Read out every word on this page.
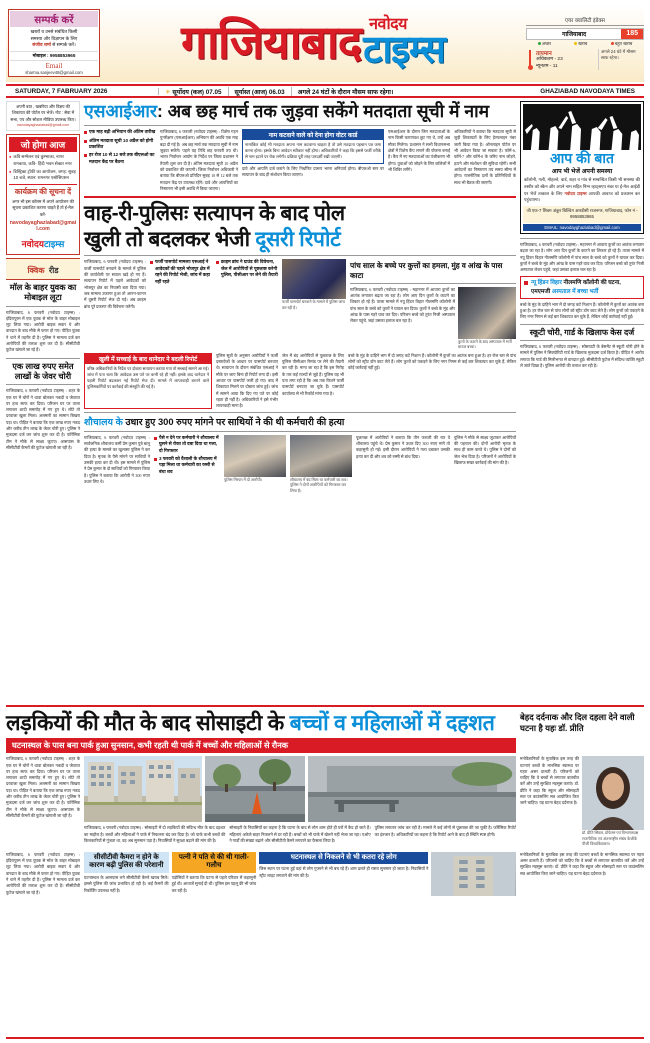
सम्पर्क करें
खबरों व उनसे संबंधित किसी
समस्या और विज्ञापन के लिए
संजीव शर्मा से सम्पर्क करें।
मोबाइल : 9958853965
Email
sharma.sanjeev48@gmail.com
गाजियाबाद नवोदय
टाइम्स
एयर क्वालिटी इंडेक्स
गाजियाबाद	185
अच्छा	खराब	बहुत खराब
तापमान
अधिकतम - 23
न्यूनतम - 11
अगले 24 घंटे में मौसम साफ रहेगा।
SATURDAY, 7 FABRUARY 2026	☀ सूर्योदय (कल) 07.05	सूर्यास्त (आज) 06.03	अगले 24 घंटों के दौरान मौसम साफ रहेगा।	GHAZIABAD NAVODAYA TIMES
अपनी बात , खबरिया और विज्ञप की शिकायत की पोर्टल पर भेजें। नोट : सेवा में सभा, एप और सोशल मीडिया उपलब्ध किए।
navodayaghaziabad@gmail.com
जो होगा आज
● कवि सम्मेलन एवं कुम्भाका, नागर रामकथा, कवि- हिंदी भवन सेक्टर नगर
● डिस्ट्रिक्ट ट्रॉफी का आयोजन, जगह: सुबह 10 बजे, स्थान: रामनगर एसोसिएशन
कार्यक्रम की सूचना दें
अगर भी इस कॉलम में अपने आयोजन की सूचना प्रकाशित कराना चाहते हैं तो ई-मेल करें-
navodayaghaziabad@gmail.com
नवोदयटाइम्स
क्विक रीड
मॉल के बाहर युवक का मोबाइल लूटा
गाजियाबाद, 6 फरवरी (नवोदय टाइम्स) : इंदिरापुरम में एक युवक से मॉल के बाहर मोबाइल लूट लिया गया। आरोपी बाइक सवार थे और वारदात के बाद मौके से फरार हो गए। पीड़ित युवक ने थाने में तहरीर दी है। पुलिस ने मामला दर्ज कर आरोपियों की तलाश शुरू कर दी है। सीसीटीवी फुटेज खंगाले जा रहे हैं।
एक लाख रुपए समेत लाखों के जेवर चोरी
गाजियाबाद, 6 फरवरी (नवोदय टाइम्स) : शहर के एक घर में चोरों ने धावा बोलकर नकदी व जेवरात पर हाथ साफ कर दिया। परिजन घर पर ताला लगाकर शादी समारोह में गए हुए थे। लौटे तो दरवाजा खुला मिला। अलमारी का सामान बिखरा पड़ा था। पीड़ित ने बताया कि एक लाख रुपए नकद और करीब तीन लाख के जेवर चोरी हुए। पुलिस ने मुकदमा दर्ज कर जांच शुरू कर दी है। फोरेंसिक टीम ने मौके से साक्ष्य जुटाए। आसपास के सीसीटीवी कैमरों की फुटेज खंगाली जा रही है।
एसआईआर: अब छह मार्च तक जुड़वा सकेंगे मतदाता सूची में नाम
एक माह बढ़ी अभियान की अंतिम तारीख
अंतिम मतदाता सूची 10 अप्रैल को होगी प्रकाशित
हर रोज 10 से 12 बजे तक बीएलओ का मतदान केंद्र पर बैठना
गाजियाबाद, 6 फरवरी (नवोदय टाइम्स) : विशेष गहन पुनरीक्षण (एसआईआर) अभियान की अवधि एक माह बढ़ा दी गई है। अब छह मार्च तक मतदाता सूची में नाम जुड़वा सकेंगे। पहले यह तिथि छह फरवरी तय थी। भारत निर्वाचन आयोग के निर्देश पर जिला प्रशासन ने तैयारी शुरू कर दी है। अंतिम मतदाता सूची 10 अप्रैल को प्रकाशित की जाएगी। जिला निर्वाचन अधिकारी ने बताया कि बीएलओ प्रतिदिन सुबह 10 से 12 बजे तक मतदान केंद्र पर उपलब्ध रहेंगे। दावे और आपत्तियों का निस्तारण भी इसी अवधि में किया जाएगा।
नाम कटवाने वाले को देना होगा वोटर कार्ड
नामांकित कोई भी मतदाता अपना नाम कटवाना चाहता है तो उसे मतदाता पहचान पत्र जमा करना होगा। इसके बिना आवेदन स्वीकार नहीं होगा। अधिकारियों ने कहा कि इससे फर्जी तरीके से नाम हटाने पर रोक लगेगी। प्रक्रिया पूरी तरह पारदर्शी रखी जाएगी।
दावे और आपत्ति दर्ज कराने के लिए निर्धारित प्रारूप भरना अनिवार्य होगा। बीएलओ स्तर पर सत्यापन के बाद ही संशोधन किया जाएगा।
एसआईआर के दौरान जिन मतदाताओं के नाम किसी कारणवश छूट गए थे, उन्हें अब मौका मिलेगा। प्रशासन ने सभी विधानसभा क्षेत्रों में विशेष कैंप लगाने की योजना बनाई है। कैंप में नए मतदाताओं का पंजीकरण भी होगा। युवाओं को जोड़ने के लिए कॉलेजों में भी शिविर लगेंगे।
अधिकारियों ने बताया कि मतदाता सूची से जुड़ी शिकायतों के लिए हेल्पलाइन नंबर जारी किया गया है। ऑनलाइन पोर्टल पर भी आवेदन किया जा सकता है। फॉर्म-6, फॉर्म-7 और फॉर्म-8 के जरिए नाम जोड़ने, हटाने और संशोधन की सुविधा रहेगी। सभी आवेदनों का निस्तारण तय समय सीमा में होगा। राजनीतिक दलों के प्रतिनिधियों के साथ भी बैठक की जाएगी।
वाह-री-पुलिसः सत्यापन के बाद पोल
खुली तो बदलकर भेजी दूसरी रिपोर्ट
गाजियाबाद, 6 फरवरी (नवोदय टाइम्स) : फर्जी पासपोर्ट बनवाने के मामले में पुलिस की कार्यशैली पर सवाल खड़े हो गए हैं। सत्यापन रिपोर्ट में पहले आवेदकों को भोजपुर क्षेत्र का निवासी बता दिया गया। जब मामला उजागर हुआ तो आनन-फानन में दूसरी रिपोर्ट भेज दी गई। अब क्राइम ब्रांच पूरे प्रकरण की विवेचना करेगी।
फर्जी पासपोर्ट मामलाः एसआई ने आवेदकों की पहले भोजपुर क्षेत्र में रहने की रिपोर्ट भेजी, जांच में कहा नहीं रहते
क्राइम ब्रांच ने ग्राउंड की विवेचना, जेल में आरोपियों से पूछताछ करेगी पुलिस, पीसीआर पर लेने की तैयारी
फर्जी पासपोर्ट बनवाने के मामले में पुलिस जांच कर रही है।
पांच साल के बच्चे पर कुत्तों का हमला, मुंह व आंख के पास काटा
गाजियाबाद, 6 फरवरी (नवोदय टाइम्स) : महानगर में आवारा कुत्तों का आतंक लगातार बढ़ता जा रहा है। लोग आए दिन कुत्तों के काटने का शिकार हो रहे हैं। ताजा मामले में नयू हिंडन विहार नीलमणि कॉलोनी में पांच साल के बच्चे को कुत्तों ने घायल कर दिया। कुत्तों ने बच्चे के मुंह और आंख के पास गहरे घाव कर दिए। परिजन बच्चे को तुरंत निजी अस्पताल लेकर पहुंचे, जहां उसका इलाज चल रहा है।
कुत्तों के काटने के बाद अस्पताल में भर्ती घायल बच्चा।
खुली में सच्चाई के बाद थानेदार ने बदली रिपोर्ट
वरिष्ठ अधिकारियों के निर्देश पर दोबारा सत्यापन कराया गया तो सच्चाई सामने आ गई। जांच में पता चला कि आवेदक उस पते पर कभी रहे ही नहीं। इसके बाद थानेदार ने पहली रिपोर्ट बदलकर नई रिपोर्ट भेज दी। मामले में लापरवाही बरतने वाले पुलिसकर्मियों पर कार्रवाई की संस्तुति की गई है।
पुलिस सूत्रों के अनुसार आरोपियों ने फर्जी दस्तावेजों के आधार पर पासपोर्ट बनवाए थे। सत्यापन के दौरान संबंधित एसआई ने मौके पर जाए बिना ही रिपोर्ट लगा दी। इसी आधार पर पासपोर्ट जारी हो गए। बाद में शिकायत मिलने पर दोबारा जांच हुई। जांच में सामने आया कि दिए गए पते पर कोई रहता ही नहीं है। अधिकारियों ने इसे गंभीर लापरवाही माना है।
जेल में बंद आरोपियों से पूछताछ के लिए पुलिस पीसीआर रिमांड पर लेने की तैयारी कर रही है। माना जा रहा है कि इस गिरोह के तार कई राज्यों से जुड़े हैं। पुलिस यह भी पता लगा रही है कि अब तक कितने फर्जी पासपोर्ट बनवाए जा चुके हैं। पासपोर्ट कार्यालय से भी रिकॉर्ड मांगा गया है।
बच्चे के मुंह के दाहिने भाग में दो जगह कटे निशान हैं। कॉलोनी में कुत्तों का आतंक बना हुआ है। हर रोज चार से पांच लोगों को स्ट्रीट डॉग काट लेते हैं। लोग कुत्तों को पकड़ने के लिए नगर निगम से कई बार शिकायत कर चुके हैं, लेकिन कोई कार्रवाई नहीं हुई।
शौचालय के उधार हुए 300 रुपए मांगने पर साथियों ने की थी कर्मचारी की हत्या
गाजियाबाद, 6 फरवरी (नवोदय टाइम्स) : सार्वजनिक शौचालय कर्मी प्रेम कुमार पुत्रे बालू की हत्या के मामले का खुलासा पुलिस ने कर दिया है। मृतक के पैसे मांगने पर साथियों ने उसकी हत्या कर दी थी। इस मामले में पुलिस ने प्रेम कुमार के दो साथियों को गिरफ्तार किया है। पुलिस ने बताया कि आरोपी ने 300 रुपए उधार लिए थे।
पैसे न देने पर कर्मचारी ने शौचालय में घुसने से रोका तो दबा दिया था गला, दो गिरफ्तार
3 फरवरी को वैशाली के शौचालय में पड़ा मिला था कर्मचारी का रस्सी से बंधा शव
पुलिस गिरफ्त में दो आरोपी।	शौचालय में बंद मिला था कर्मचारी का शव। पुलिस ने दोनों आरोपियों को गिरफ्तार कर लिया है।
पूछताछ में आरोपियों ने बताया कि तीन फरवरी की रात वे शौचालय पहुंचे थे। प्रेम कुमार ने उधार दिए 300 रुपए मांगे तो कहासुनी हो गई। इसी दौरान आरोपियों ने गला दबाकर उसकी हत्या कर दी और शव को रस्सी से बांध दिया।
पुलिस ने मौके से साक्ष्य जुटाकर आरोपियों की पहचान की। दोनों आरोपी मृतक के साथ ही काम करते थे। पुलिस ने दोनों को जेल भेज दिया है। परिजनों ने आरोपियों के खिलाफ सख्त कार्रवाई की मांग की है।
आप की बात
आप भी भेजें अपनी समस्या
कॉलोनी, गली, मोहल्ले, वार्ड, शहर व गांव से सम्बन्धित किसी भी समस्या की तस्वीर को स्कैन और अपने नाम सहित निम्न व्हाट्सएप नंबर या ई-मेल आईडी पर भेजें तत्काल के लिए नवोदय टाइम्स आपकी आवाज को प्रकाशन कर पहुंचाएगा।
जी एफ-7 शिवम अंकुर बिल्डिंग आरडीसी राजनगर, गाजियाबाद, फोन नं - 9958853965
EMAIL: navodayghaziabad@gmail.com
गाजियाबाद, 6 फरवरी (नवोदय टाइम्स) : महानगर में आवारा कुत्तों का आतंक लगातार बढ़ता जा रहा है। लोग आए दिन कुत्तों के काटने का शिकार हो रहे हैं। ताजा मामले में नयू हिंडन विहार नीलमणि कॉलोनी में पांच साल के बच्चे को कुत्तों ने घायल कर दिया। कुत्तों ने बच्चे के मुंह और आंख के पास गहरे घाव कर दिए। परिजन बच्चे को तुरंत निजी अस्पताल लेकर पहुंचे, जहां उसका इलाज चल रहा है।
न्यू हिंडन विहार नीलमणि कॉलोनी की घटना, एमएमजी अस्पताल में बच्चा भर्ती
बच्चे के मुंह के दाहिने भाग में दो जगह कटे निशान हैं। कॉलोनी में कुत्तों का आतंक बना हुआ है। हर रोज चार से पांच लोगों को स्ट्रीट डॉग काट लेते हैं। लोग कुत्तों को पकड़ने के लिए नगर निगम से कई बार शिकायत कर चुके हैं, लेकिन कोई कार्रवाई नहीं हुई।
स्कूटी चोरी, गार्ड के खिलाफ केस दर्ज
गाजियाबाद, 6 फरवरी (नवोदय टाइम्स) : सोसायटी के बेसमेंट से स्कूटी चोरी होने के मामले में पुलिस ने सिक्योरिटी गार्ड के खिलाफ मुकदमा दर्ज किया है। पीड़ित ने आरोप लगाया कि गार्ड की मिलीभगत से वारदात हुई। सीसीटीवी फुटेज में संदिग्ध व्यक्ति स्कूटी ले जाते दिखा है। पुलिस आरोपी की तलाश कर रही है।
लड़कियों की मौत के बाद सोसाइटी के बच्चों व महिलाओं में दहशत
घटनास्थल के पास बना पार्क हुआ सुनसान, कभी रहती थी पार्क में बच्चों और महिलाओं से रौनक
बेहद दर्दनाक और दिल दहला देने वाली घटना है यहः डॉ. प्रीति
गाजियाबाद, 6 फरवरी (नवोदय टाइम्स) : शहर के एक घर में चोरों ने धावा बोलकर नकदी व जेवरात पर हाथ साफ कर दिया। परिजन घर पर ताला लगाकर शादी समारोह में गए हुए थे। लौटे तो दरवाजा खुला मिला। अलमारी का सामान बिखरा पड़ा था। पीड़ित ने बताया कि एक लाख रुपए नकद और करीब तीन लाख के जेवर चोरी हुए। पुलिस ने मुकदमा दर्ज कर जांच शुरू कर दी है। फोरेंसिक टीम ने मौके से साक्ष्य जुटाए। आसपास के सीसीटीवी कैमरों की फुटेज खंगाली जा रही है।
गाजियाबाद, 6 फरवरी (नवोदय टाइम्स) : सोसाइटी में दो लड़कियों की संदिग्ध मौत के बाद दहशत का माहौल है। बच्चों और महिलाओं ने पार्क में निकलना बंद कर दिया है। जो पार्क कभी बच्चों की किलकारियों से गूंजता था, वह अब सुनसान पड़ा है। निवासियों ने सुरक्षा बढ़ाने की मांग की है।
सोसाइटी के निवासियों का कहना है कि घटना के बाद से लोग शाम होते ही घरों में कैद हो जाते हैं। महिलाएं अकेले बाहर निकलने से डर रही हैं। बच्चों को भी पार्क में खेलने नहीं भेजा जा रहा। एओए ने गार्डों की संख्या बढ़ाने और सीसीटीवी कैमरे लगवाने का फैसला लिया है।
पुलिस लगातार जांच कर रही है। मामले में कई लोगों से पूछताछ की जा चुकी है। फॉरेंसिक रिपोर्ट का इंतजार है। अधिकारियों का कहना है कि रिपोर्ट आने के बाद ही स्थिति स्पष्ट होगी।
मनोवैज्ञानिकों के मुताबिक इस तरह की घटनाएं बच्चों के मानसिक स्वास्थ्य पर गहरा असर डालती हैं। परिजनों को चाहिए कि वे बच्चों से लगातार बातचीत करें और उन्हें सुरक्षित महसूस कराएं। डॉ. प्रीति ने कहा कि स्कूल और सोसाइटी स्तर पर काउंसलिंग सत्र आयोजित किए जाने चाहिए। यह घटना बेहद दर्दनाक है।
डॉ. प्रीति सिंघल, प्रोफेसर एवं विभागाध्यक्ष राजनीतिक एवं अंतरराष्ट्रीय संबंध केजीके पीजी विश्वविद्यालय।
गाजियाबाद, 6 फरवरी (नवोदय टाइम्स) : इंदिरापुरम में एक युवक से मॉल के बाहर मोबाइल लूट लिया गया। आरोपी बाइक सवार थे और वारदात के बाद मौके से फरार हो गए। पीड़ित युवक ने थाने में तहरीर दी है। पुलिस ने मामला दर्ज कर आरोपियों की तलाश शुरू कर दी है। सीसीटीवी फुटेज खंगाले जा रहे हैं।
सीसीटीवी कैमरा न होने के कारण बढ़ी पुलिस की परेशानी
घटनास्थल के आसपास लगे सीसीटीवी कैमरे खराब मिले। इससे पुलिस की जांच प्रभावित हो रही है। कई कैमरों की रिकॉर्डिंग उपलब्ध नहीं है।
पत्नी ने पति से की थी गाली-गलौच
पड़ोसियों ने बताया कि घटना से पहले परिवार में कहासुनी हुई थी। आवाजें सुनाई दी थीं। पुलिस इस पहलू की भी जांच कर रही है।
घटनास्थल से निकलने से भी कतरा रहे लोग
जिस स्थान पर घटना हुई वहां से लोग गुजरने से भी बच रहे हैं। शाम ढलते ही रास्ता सुनसान हो जाता है। निवासियों ने स्ट्रीट लाइट लगवाने की मांग की है।
मनोवैज्ञानिकों के मुताबिक इस तरह की घटनाएं बच्चों के मानसिक स्वास्थ्य पर गहरा असर डालती हैं। परिजनों को चाहिए कि वे बच्चों से लगातार बातचीत करें और उन्हें सुरक्षित महसूस कराएं। डॉ. प्रीति ने कहा कि स्कूल और सोसाइटी स्तर पर काउंसलिंग सत्र आयोजित किए जाने चाहिए। यह घटना बेहद दर्दनाक है।
